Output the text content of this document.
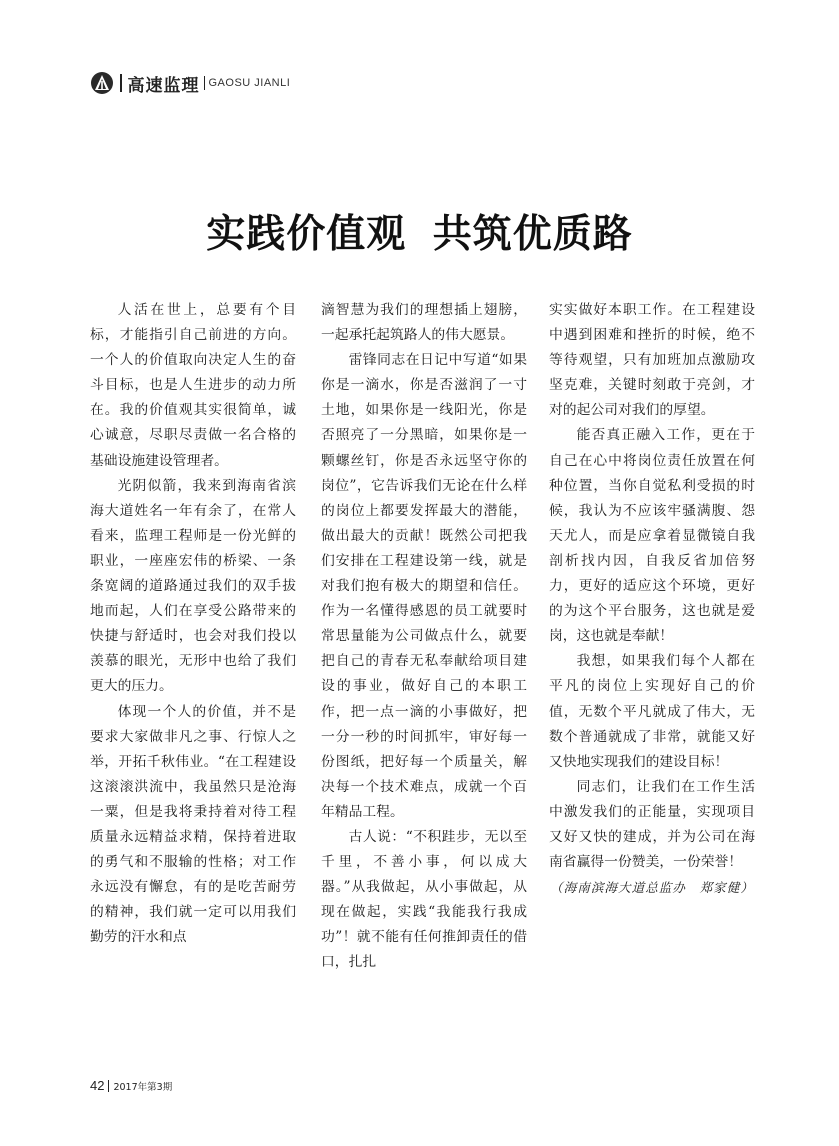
高速监理 GAOSU JIANLI
实践价值观 共筑优质路

人活在世上，总要有个目标，才能指引自己前进的方向。一个人的价值取向决定人生的奋斗目标，也是人生进步的动力所在。我的价值观其实很简单，诚心诚意，尽职尽责做一名合格的基础设施建设管理者。

光阴似箭，我来到海南省滨海大道姓名一年有余了，在常人看来，监理工程师是一份光鲜的职业，一座座宏伟的桥梁、一条条宽阔的道路通过我们的双手拔地而起，人们在享受公路带来的快捷与舒适时，也会对我们投以羡慕的眼光，无形中也给了我们更大的压力。

体现一个人的价值，并不是要求大家做非凡之事、行惊人之举，开拓千秋伟业。“在工程建设这滚滚洪流中，我虽然只是沧海一粟，但是我将秉持着对待工程质量永远精益求精，保持着进取的勇气和不服输的性格；对工作永远没有懈怠，有的是吃苦耐劳的精神，我们就一定可以用我们勤劳的汗水和点

滴智慧为我们的理想插上翅膀，一起承托起筑路人的伟大愿景。

雷锋同志在日记中写道“如果你是一滴水，你是否滋润了一寸土地，如果你是一线阳光，你是否照亮了一分黑暗，如果你是一颗螺丝钉，你是否永远坚守你的岗位”，它告诉我们无论在什么样的岗位上都要发挥最大的潜能，做出最大的贡献！既然公司把我们安排在工程建设第一线，就是对我们抱有极大的期望和信任。作为一名懂得感恩的员工就要时常思量能为公司做点什么，就要把自己的青春无私奉献给项目建设的事业，做好自己的本职工作，把一点一滴的小事做好，把一分一秒的时间抓牢，审好每一份图纸，把好每一个质量关，解决每一个技术难点，成就一个百年精品工程。

古人说：“不积跬步，无以至千里，不善小事，何以成大器。”从我做起，从小事做起，从现在做起，实践“我能我行我成功”！就不能有任何推卸责任的借口，扎扎

实实做好本职工作。在工程建设中遇到困难和挫折的时候，绝不等待观望，只有加班加点激励攻坚克难，关键时刻敢于亮剑，才对的起公司对我们的厚望。

能否真正融入工作，更在于自己在心中将岗位责任放置在何种位置，当你自觉私利受损的时候，我认为不应该牢骚满腹、怨天尤人，而是应拿着显微镜自我剖析找内因，自我反省加倍努力，更好的适应这个环境，更好的为这个平台服务，这也就是爱岗，这也就是奉献！

我想，如果我们每个人都在平凡的岗位上实现好自己的价值，无数个平凡就成了伟大，无数个普通就成了非常，就能又好又快地实现我们的建设目标！

同志们，让我们在工作生活中激发我们的正能量，实现项目又好又快的建成，并为公司在海南省赢得一份赞美，一份荣誉！

（海南滨海大道总监办　郑家健）

42 2017年第3期
